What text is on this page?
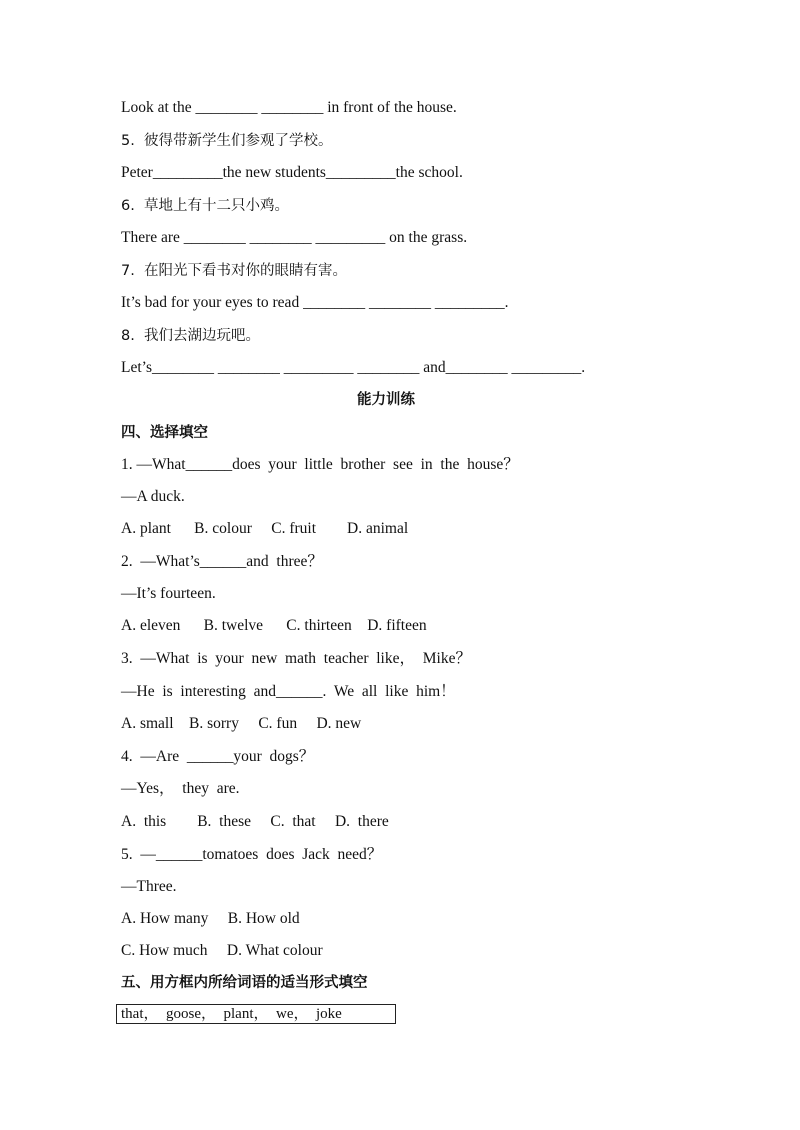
Look at the ________ ________ in front of the house.
5.  彼得带新学生们参观了学校。
Peter_________the new students_________the school.
6.  草地上有十二只小鸡。
There are ________ ________ _________ on the grass.
7.  在阳光下看书对你的眼睛有害。
It’s bad for your eyes to read ________ ________ _________.
8.  我们去湖边玩吧。
Let’s________ ________ _________ ________ and________ _________.
能力训练
四、选择填空
1. —What______does  your  little  brother  see  in  the  house？
—A duck.
A. plant      B. colour     C. fruit        D. animal
2.  —What’s______and  three？
—It’s fourteen.
A. eleven      B. twelve      C. thirteen    D. fifteen
3.  —What  is  your  new  math  teacher  like，  Mike？
—He  is  interesting  and______.  We  all  like  him！
A. small    B. sorry     C. fun     D. new
4.  —Are  ______your  dogs？
—Yes，  they  are.
A.  this        B.  these     C.  that     D.  there
5.  —______tomatoes  does  Jack  need？
—Three.
A. How many     B. How old
C. How much     D. What colour
五、用方框内所给词语的适当形式填空
that，  goose，  plant，  we，  joke
